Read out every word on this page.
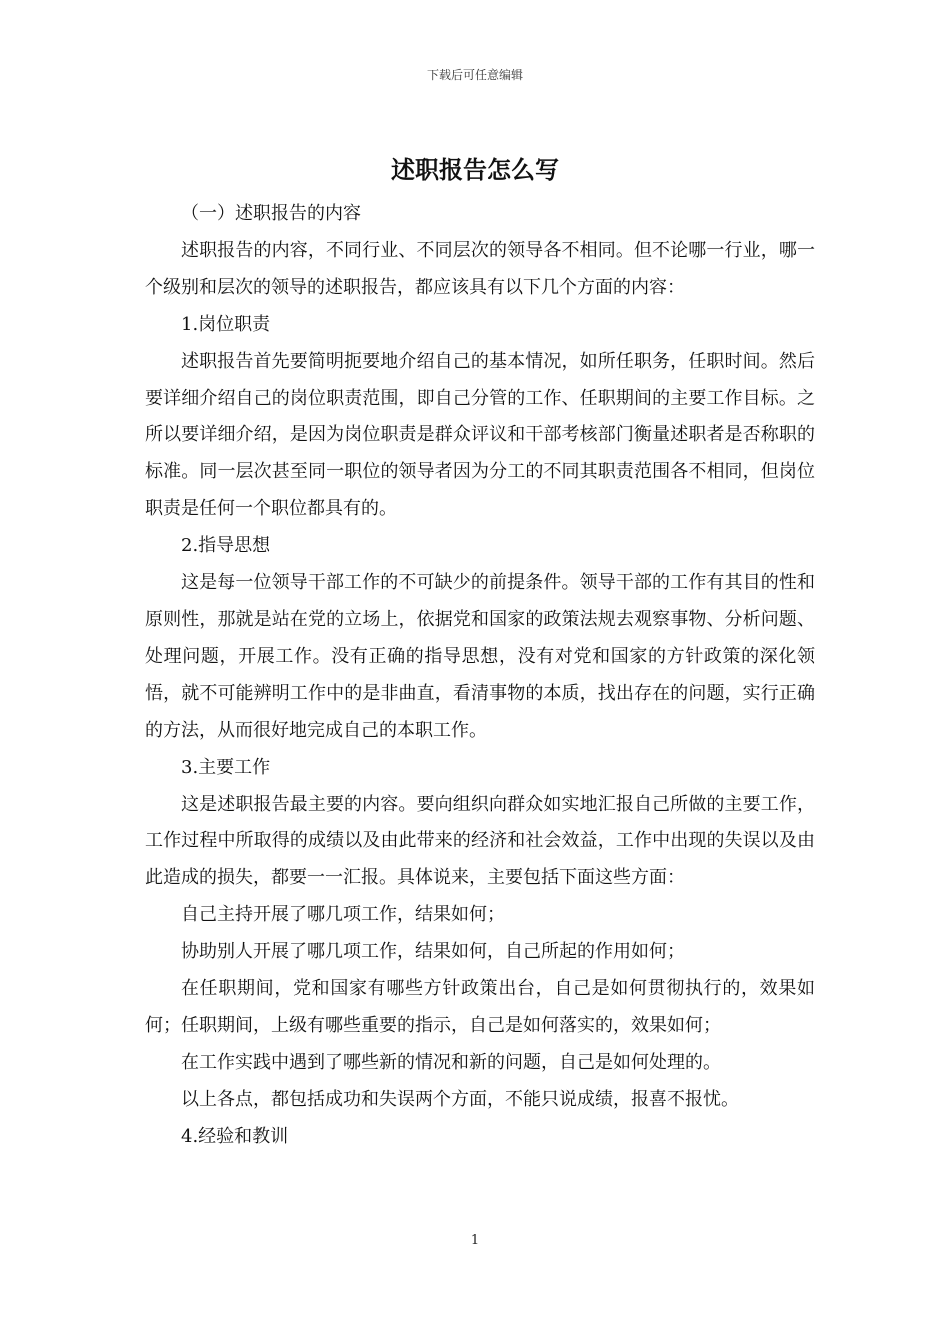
下载后可任意编辑
述职报告怎么写

（一）述职报告的内容

述职报告的内容，不同行业、不同层次的领导各不相同。但不论哪一行业，哪一个级别和层次的领导的述职报告，都应该具有以下几个方面的内容：

1.岗位职责

述职报告首先要简明扼要地介绍自己的基本情况，如所任职务，任职时间。然后要详细介绍自己的岗位职责范围，即自己分管的工作、任职期间的主要工作目标。之所以要详细介绍，是因为岗位职责是群众评议和干部考核部门衡量述职者是否称职的标准。同一层次甚至同一职位的领导者因为分工的不同其职责范围各不相同，但岗位职责是任何一个职位都具有的。

2.指导思想

这是每一位领导干部工作的不可缺少的前提条件。领导干部的工作有其目的性和原则性，那就是站在党的立场上，依据党和国家的政策法规去观察事物、分析问题、处理问题，开展工作。没有正确的指导思想，没有对党和国家的方针政策的深化领悟，就不可能辨明工作中的是非曲直，看清事物的本质，找出存在的问题，实行正确的方法，从而很好地完成自己的本职工作。

3.主要工作

这是述职报告最主要的内容。要向组织向群众如实地汇报自己所做的主要工作，工作过程中所取得的成绩以及由此带来的经济和社会效益，工作中出现的失误以及由此造成的损失，都要一一汇报。具体说来，主要包括下面这些方面：

自己主持开展了哪几项工作，结果如何；

协助别人开展了哪几项工作，结果如何，自己所起的作用如何；

在任职期间，党和国家有哪些方针政策出台，自己是如何贯彻执行的，效果如何；任职期间，上级有哪些重要的指示，自己是如何落实的，效果如何；

在工作实践中遇到了哪些新的情况和新的问题，自己是如何处理的。

以上各点，都包括成功和失误两个方面，不能只说成绩，报喜不报忧。

4.经验和教训

1
